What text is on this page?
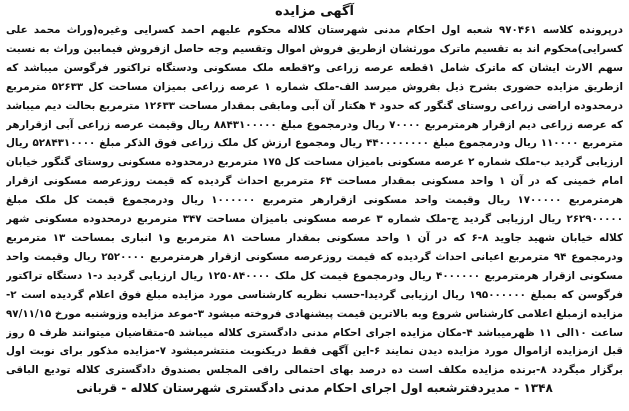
آگهی مزایده
درپرونده کلاسه ۹۷۰۴۶۱ شعبه اول احکام مدنی شهرستان کلاله محکوم علیهم احمد کسرایی وغیره(وراث محمد علی کسرایی)محکوم اند به تقسیم ماترک مورثشان ازطریق فروش اموال وتقسیم وجه حاصل ازفروش فیمابین وراث به نسبت سهم الارث ایشان که ماترک شامل ۱قطعه عرصه زراعی و۲قطعه ملک مسکونی ودستگاه تراکتور فرگوسن میباشد که ازطریق مزایده حضوری بشرح ذیل بفروش میرسد الف-ملک شماره ۱ عرصه زراعی بمیزان مساحت کل ۵۲۶۳۳ مترمربع درمحدوده اراضی زراعی روستای گنگور که حدود ۴ هکتار آن آبی ومابقی بمقدار مساحت ۱۲۶۳۳ مترمربع بحالت دیم میباشد که عرصه زراعی دیم ازقرار هرمترمربع ۷۰۰۰۰ ریال ودرمجموع مبلغ ۸۸۴۳۱۰۰۰۰۰ ریال وقیمت عرصه زراعی آبی ازقرارهر مترمربع ۱۱۰۰۰۰ ریال ودرمجموع مبلغ ۴۴۰۰۰۰۰۰۰۰ ریال ومجموع ارزش کل ملک زراعی فوق الذکر مبلغ ۵۲۸۴۳۱۰۰۰۰ ریال ارزیابی گردید ب-ملک شماره ۲ عرصه مسکونی بامیزان مساحت کل ۱۷۵ مترمربع درمحدوده مسکونی روستای گنگور خیابان امام خمینی که در آن ۱ واحد مسکونی بمقدار مساحت ۶۴ مترمربع احداث گردیده که قیمت روزعرصه مسکونی ازقرار هرمترمربع ۱۷۰۰۰۰۰ ریال وقیمت واحد مسکونی ازقرارهر مترمربع ۱۰۰۰۰۰۰ ریال ودرمجموع قیمت کل ملک مبلغ ۲۶۲۹۰۰۰۰۰ ریال ارزیابی گردید ج-ملک شماره ۳ عرصه مسکونی بامیزان مساحت ۳۴۷ مترمربع درمحدوده مسکونی شهر کلاله خیابان شهید جاوید ۸-۶ که در آن ۱ واحد مسکونی بمقدار مساحت ۸۱ مترمربع و۱ انباری بمساحت ۱۳ مترمربع ودرمجموع ۹۴ مترمربع اعیانی احداث گردیده که قیمت روزعرصه مسکونی ازقرار هرمترمربع ۲۵۲۰۰۰۰ ریال وقیمت واحد مسکونی ازقرار هرمترمربع ۴۰۰۰۰۰۰ ریال ودرمجموع قیمت کل ملک ۱۲۵۰۸۴۰۰۰۰ ریال ارزیابی گردید د-۱ دستگاه تراکتور فرگوسن که بمبلغ ۱۹۵۰۰۰۰۰۰ ریال ارزیابی گردیدا-حسب نظریه کارشناسی مورد مزایده مبلغ فوق اعلام گردیده است ۲-مزایده ازمبلغ اعلامی کارشناس شروع وبه بالاترین قیمت پیشنهادی فروخته میشود ۳-موعد مزایده وزوشنبه مورخ ۹۷/۱۱/۱۵ ساعت ۱۰الی ۱۱ ظهرمیباشد ۴-مکان مزایده اجرای احکام مدنی دادگستری کلاله میباشد ۵-متقاضیان میتوانند ظرف ۵ روز قبل ازمزایده ازاموال مورد مزایده دیدن نمایند ۶-این آگهی فقط دریکنوبت منتشرمیشود ۷-مزایده مذکور برای نوبت اول برگزار میگردد ۸-برنده مزایده مکلف است ده درصد بهای احتمالی رافی المجلس بصندوق دادگستری کلاله تودیع الباقی
۱۳۴۸ - مدیردفترشعبه اول اجرای احکام مدنی دادگستری شهرستان کلاله - قربانی
